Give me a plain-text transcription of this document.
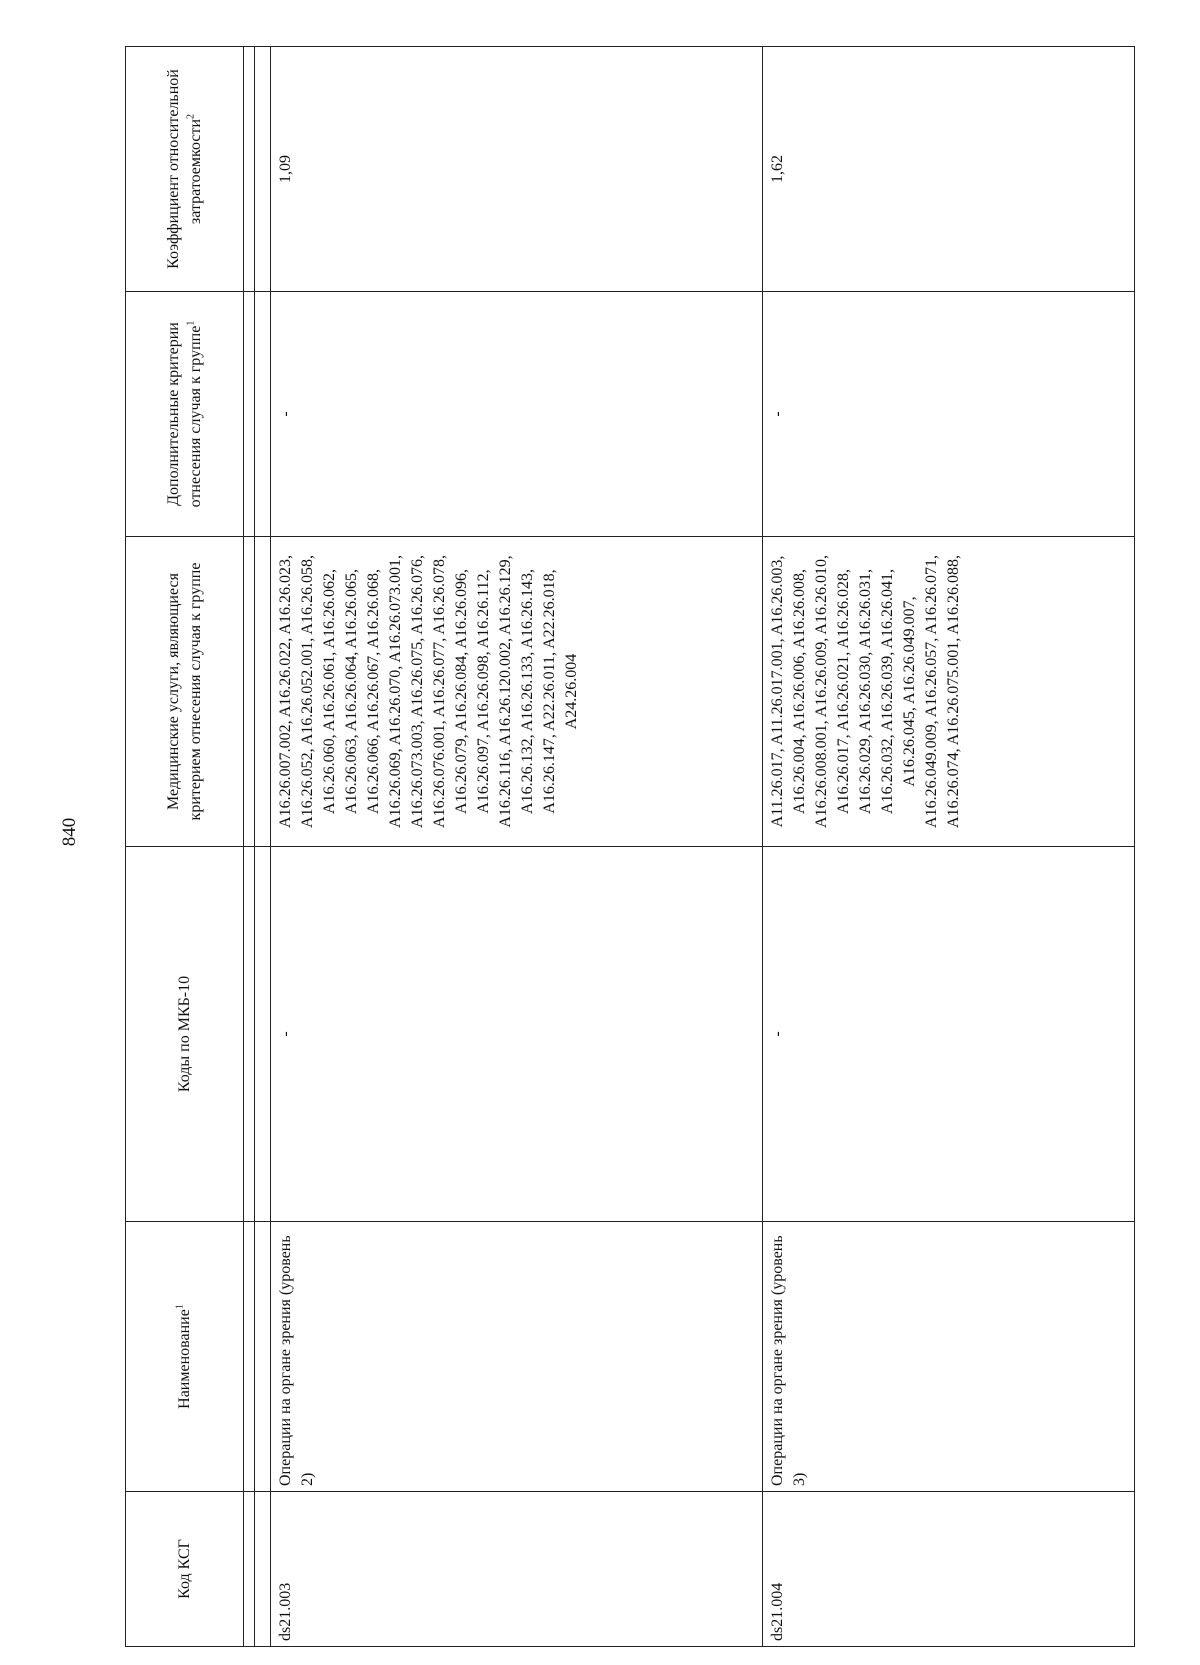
840
Код КСГ	Наименование$^1$	Коды по МКБ-10	Медицинские услуги, являющиеся критерием отнесения случая к группе	Дополнительные критерии отнесения случая к группе$^1$	Коэффициент относительной затратоемкости$^2$

ds21.003	Операции на органе зрения (уровень 2)	-	A16.26.007.002, A16.26.022, A16.26.023, A16.26.052, A16.26.052.001, A16.26.058, A16.26.060, A16.26.061, A16.26.062, A16.26.063, A16.26.064, A16.26.065, A16.26.066, A16.26.067, A16.26.068, A16.26.069, A16.26.070, A16.26.073.001, A16.26.073.003, A16.26.075, A16.26.076, A16.26.076.001, A16.26.077, A16.26.078, A16.26.079, A16.26.084, A16.26.096, A16.26.097, A16.26.098, A16.26.112, A16.26.116, A16.26.120.002, A16.26.129, A16.26.132, A16.26.133, A16.26.143, A16.26.147, A22.26.011, A22.26.018, A24.26.004	-	1,09
ds21.004	Операции на органе зрения (уровень 3)	-	A11.26.017, A11.26.017.001, A16.26.003, A16.26.004, A16.26.006, A16.26.008, A16.26.008.001, A16.26.009, A16.26.010, A16.26.017, A16.26.021, A16.26.028, A16.26.029, A16.26.030, A16.26.031, A16.26.032, A16.26.039, A16.26.041, A16.26.045, A16.26.049.007, A16.26.049.009, A16.26.057, A16.26.071, A16.26.074, A16.26.075.001, A16.26.088,	-	1,62
